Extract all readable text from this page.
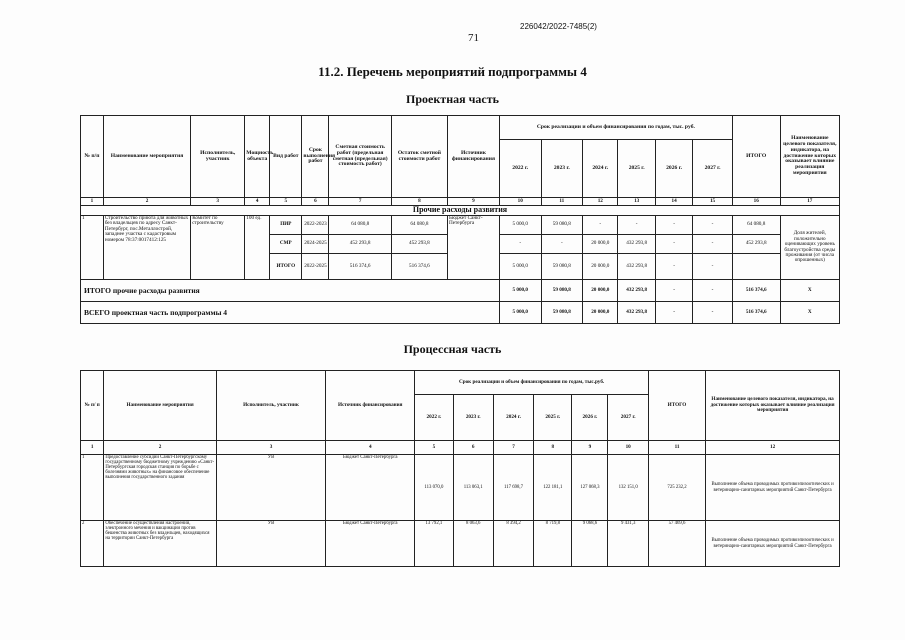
226042/2022-7485(2)
71
11.2. Перечень мероприятий подпрограммы 4
Проектная часть
№ п/п	Наименование мероприятия	Исполнитель, участник	Мощность объекта	Вид работ	Срок выполнения работ	Сметная стоимость работ (предельная сметная (предельная) стоимость работ)	Остаток сметной стоимости работ	Источник финансирования	Срок реализации и объем финансирования по годам, тыс. руб.						ИТОГО	Наименование целевого показателя, индикатора, на достижение которых оказывает влияние реализация мероприятия
									2022 г.	2023 г.	2024 г.	2025 г.	2026 г.	2027 г.		
1	2	3	4	5	6	7	8	9	10	11	12	13	14	15	16	17
Прочие расходы развития																
1	Строительство приюта для животных без владельцев по адресу Санкт-Петербург, пос.Металлострой, западнее участка с кадастровым номером 78:37:0017412:125	Комитет по строительству	100 ед.	ПИР	2022-2023	64 080,8	64 080,8	Бюджет Санкт-Петербурга	5 000,0	59 080,8	-	-	-	-	64 080,8	Доля жителей, положительно оценивающих уровень благоустройства среды проживания (от числа опрошенных)
				СМР	2024-2025	452 293,8	452 293,8		-	-	20 000,0	432 293,8	-	-	452 293,8	
				ИТОГО	2022-2025	516 374,6	516 374,6		5 000,0	59 080,8	20 000,0	432 293,8	-	-		
ИТОГО прочие расходы развития									5 000,0	59 080,8	20 000,0	432 293,8	-	-	516 374,6	X
ВСЕГО проектная часть подпрограммы 4									5 000,0	59 080,8	20 000,0	432 293,8	-	-	516 374,6	X
Процессная часть
№ п/ п	Наименование мероприятия	Исполнитель, участник	Источник финансирования	Срок реализации и объем финансирования по годам, тыс.руб.						ИТОГО	Наименование целевого показателя, индикатора, на достижение которых оказывает влияние реализация мероприятия
				2022 г.	2023 г.	2024 г.	2025 г.	2026 г.	2027 г.		
1	2	3	4	5	6	7	8	9	10	11	12
1	Предоставление субсидии Санкт-Петербургскому государственному бюджетному учреждению «Санкт-Петербургская городская станция по борьбе с болезнями животных» на финансовое обеспечение выполнения государственного задания	УВ	Бюджет Санкт-Петербурга	113 070,0	113 063,1	117 698,7	122 181,1	127 068,3	132 151,0	725 232,2	Выполнение объема проводимых противоэпизоотических и ветеринарно-санитарных мероприятий Санкт-Петербурга
2	Обеспечение осуществления настроений, электронного мечения и вакцинации против бешенства животных без владельцев, находящихся на территории Санкт-Петербурга	УВ	Бюджет Санкт-Петербурга	13 792,1	8 063,6	8 394,2	8 719,8	9 068,6	9 431,3	57 469,6	Выполнение объема проводимых противоэпизоотических и ветеринарно-санитарных мероприятий Санкт-Петербурга
